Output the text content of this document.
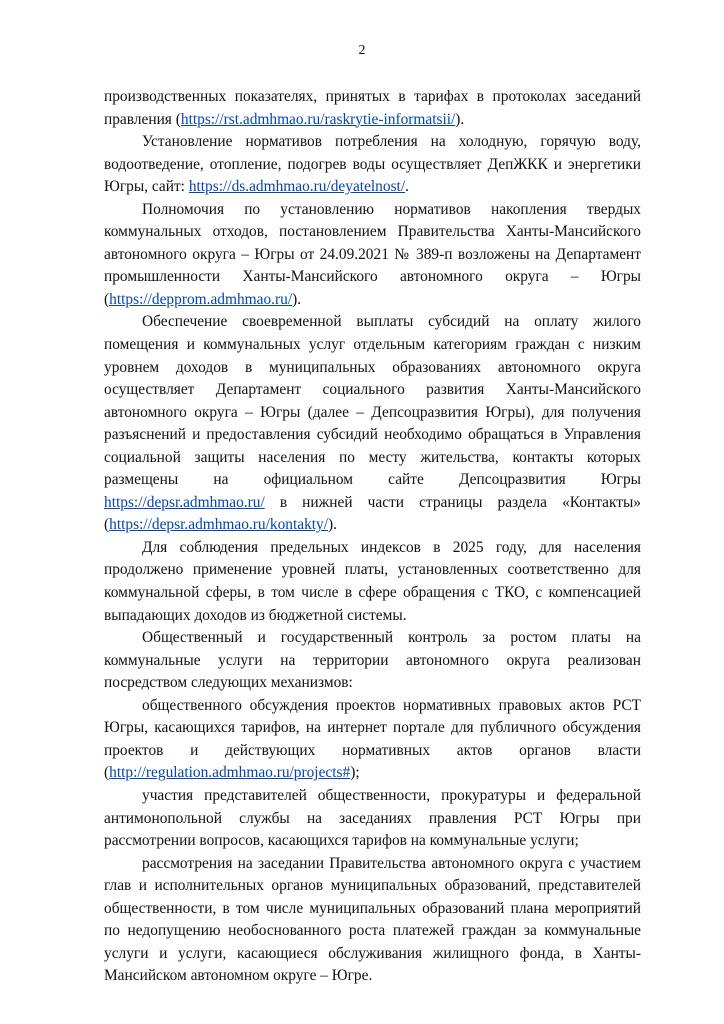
2

производственных показателях, принятых в тарифах в протоколах заседаний правления (https://rst.admhmao.ru/raskrytie-informatsii/).

Установление нормативов потребления на холодную, горячую воду, водоотведение, отопление, подогрев воды осуществляет ДепЖКК и энергетики Югры, сайт: https://ds.admhmao.ru/deyatelnost/.

Полномочия по установлению нормативов накопления твердых коммунальных отходов, постановлением Правительства Ханты-Мансийского автономного округа – Югры от 24.09.2021 № 389-п возложены на Департамент промышленности Ханты-Мансийского автономного округа – Югры (https://depprom.admhmao.ru/).

Обеспечение своевременной выплаты субсидий на оплату жилого помещения и коммунальных услуг отдельным категориям граждан с низким уровнем доходов в муниципальных образованиях автономного округа осуществляет Департамент социального развития Ханты-Мансийского автономного округа – Югры (далее – Депсоцразвития Югры), для получения разъяснений и предоставления субсидий необходимо обращаться в Управления социальной защиты населения по месту жительства, контакты которых размещены на официальном сайте Депсоцразвития Югры https://depsr.admhmao.ru/ в нижней части страницы раздела «Контакты» (https://depsr.admhmao.ru/kontakty/).

Для соблюдения предельных индексов в 2025 году, для населения продолжено применение уровней платы, установленных соответственно для коммунальной сферы, в том числе в сфере обращения с ТКО, с компенсацией выпадающих доходов из бюджетной системы.

Общественный и государственный контроль за ростом платы на коммунальные услуги на территории автономного округа реализован посредством следующих механизмов:

общественного обсуждения проектов нормативных правовых актов РСТ Югры, касающихся тарифов, на интернет портале для публичного обсуждения проектов и действующих нормативных актов органов власти (http://regulation.admhmao.ru/projects#);

участия представителей общественности, прокуратуры и федеральной антимонопольной службы на заседаниях правления РСТ Югры при рассмотрении вопросов, касающихся тарифов на коммунальные услуги;

рассмотрения на заседании Правительства автономного округа с участием глав и исполнительных органов муниципальных образований, представителей общественности, в том числе муниципальных образований плана мероприятий по недопущению необоснованного роста платежей граждан за коммунальные услуги и услуги, касающиеся обслуживания жилищного фонда, в Ханты-Мансийском автономном округе – Югре.
